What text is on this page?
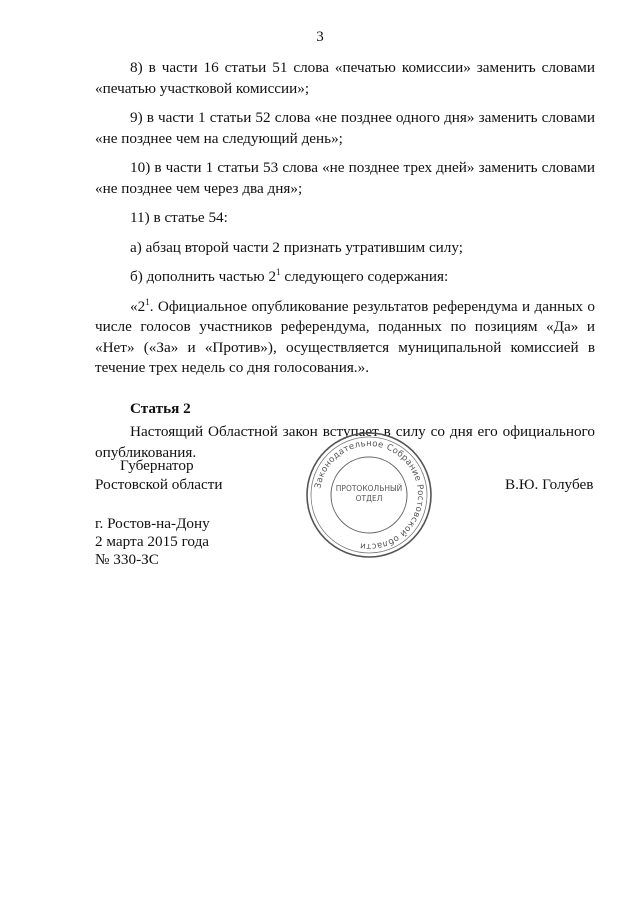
3

8) в части 16 статьи 51 слова «печатью комиссии» заменить словами «печатью участковой комиссии»;

9) в части 1 статьи 52 слова «не позднее одного дня» заменить словами «не позднее чем на следующий день»;

10) в части 1 статьи 53 слова «не позднее трех дней» заменить словами «не позднее чем через два дня»;

11) в статье 54:

а) абзац второй части 2 признать утратившим силу;

б) дополнить частью $2^1$ следующего содержания:

«$2^1$. Официальное опубликование результатов референдума и данных о числе голосов участников референдума, поданных по позициям «Да» и «Нет» («За» и «Против»), осуществляется муниципальной комиссией в течение трех недель со дня голосования.».

Статья 2

Настоящий Областной закон вступает в силу со дня его официального опубликования.

Губернатор
Ростовской области	В.Ю. Голубев
Законодательное Собрание Ростовской области
ПРОТОКОЛЬНЫЙ
ОТДЕЛ
г. Ростов-на-Дону
2 марта 2015 года
№ 330-ЗС
